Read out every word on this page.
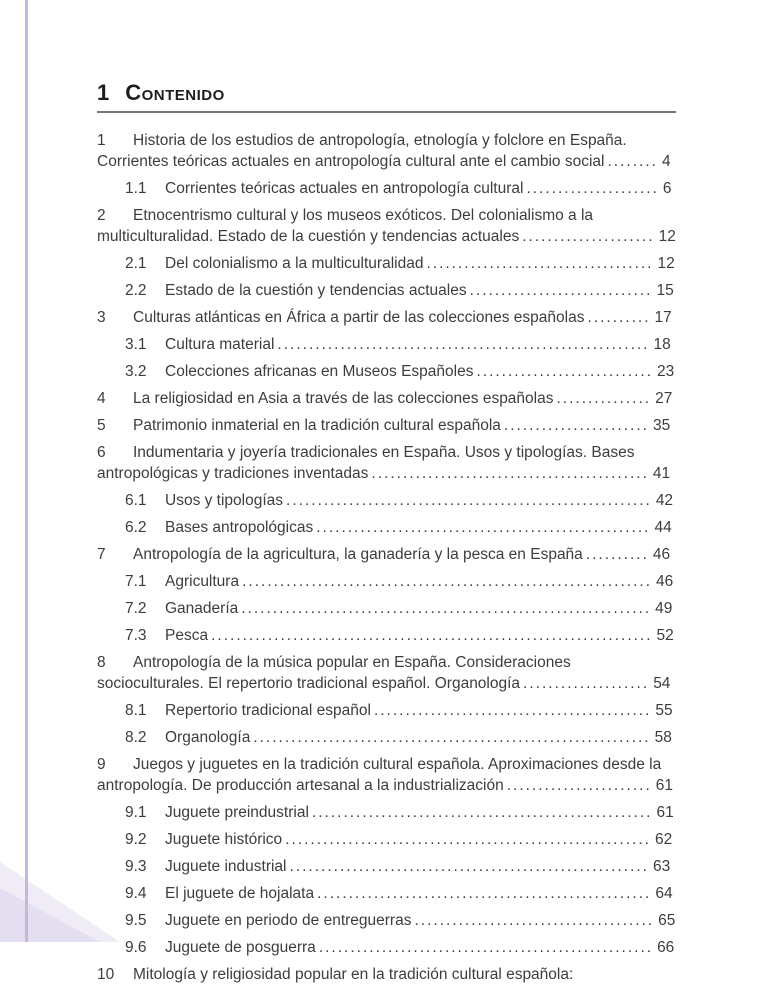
1 Contenido
1 Historia de los estudios de antropología, etnología y folclore en España. Corrientes teóricas actuales en antropología cultural ante el cambio social ........ 4
1.1 Corrientes teóricas actuales en antropología cultural ..................... 6
2 Etnocentrismo cultural y los museos exóticos. Del colonialismo a la multiculturalidad. Estado de la cuestión y tendencias actuales ..................... 12
2.1 Del colonialismo a la multiculturalidad .................................... 12
2.2 Estado de la cuestión y tendencias actuales ............................. 15
3 Culturas atlánticas en África a partir de las colecciones españolas .......... 17
3.1 Cultura material ........................................................... 18
3.2 Colecciones africanas en Museos Españoles ............................ 23
4 La religiosidad en Asia a través de las colecciones españolas ............... 27
5 Patrimonio inmaterial en la tradición cultural española ....................... 35
6 Indumentaria y joyería tradicionales en España. Usos y tipologías. Bases antropológicas y tradiciones inventadas ............................................ 41
6.1 Usos y tipologías .......................................................... 42
6.2 Bases antropológicas ..................................................... 44
7 Antropología de la agricultura, la ganadería y la pesca en España .......... 46
7.1 Agricultura ................................................................. 46
7.2 Ganadería ................................................................. 49
7.3 Pesca ...................................................................... 52
8 Antropología de la música popular en España. Consideraciones socioculturales. El repertorio tradicional español. Organología .................... 54
8.1 Repertorio tradicional español ............................................ 55
8.2 Organología ............................................................... 58
9 Juegos y juguetes en la tradición cultural española. Aproximaciones desde la antropología. De producción artesanal a la industrialización ....................... 61
9.1 Juguete preindustrial ...................................................... 61
9.2 Juguete histórico .......................................................... 62
9.3 Juguete industrial ......................................................... 63
9.4 El juguete de hojalata ..................................................... 64
9.5 Juguete en periodo de entreguerras ...................................... 65
9.6 Juguete de posguerra ..................................................... 66
10 Mitología y religiosidad popular en la tradición cultural española:
